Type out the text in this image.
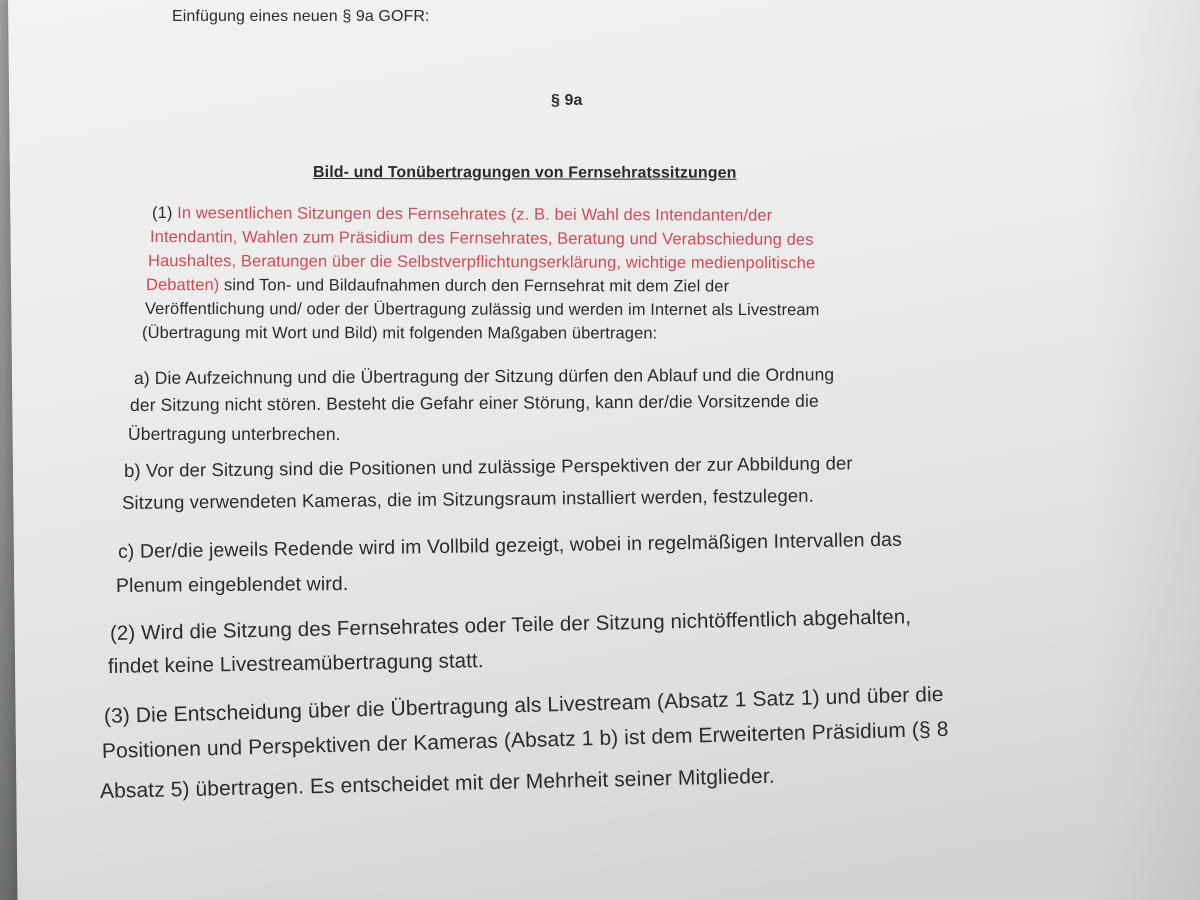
Einfügung eines neuen § 9a GOFR:
§ 9a
Bild- und Tonübertragungen von Fernsehratssitzungen
(1) In wesentlichen Sitzungen des Fernsehrates (z. B. bei Wahl des Intendanten/der
Intendantin, Wahlen zum Präsidium des Fernsehrates, Beratung und Verabschiedung des
Haushaltes, Beratungen über die Selbstverpflichtungserklärung, wichtige medienpolitische
Debatten) sind Ton- und Bildaufnahmen durch den Fernsehrat mit dem Ziel der
Veröffentlichung und/ oder der Übertragung zulässig und werden im Internet als Livestream
(Übertragung mit Wort und Bild) mit folgenden Maßgaben übertragen:
a) Die Aufzeichnung und die Übertragung der Sitzung dürfen den Ablauf und die Ordnung
der Sitzung nicht stören. Besteht die Gefahr einer Störung, kann der/die Vorsitzende die
Übertragung unterbrechen.
b) Vor der Sitzung sind die Positionen und zulässige Perspektiven der zur Abbildung der
Sitzung verwendeten Kameras, die im Sitzungsraum installiert werden, festzulegen.
c) Der/die jeweils Redende wird im Vollbild gezeigt, wobei in regelmäßigen Intervallen das
Plenum eingeblendet wird.
(2) Wird die Sitzung des Fernsehrates oder Teile der Sitzung nichtöffentlich abgehalten,
findet keine Livestreamübertragung statt.
(3) Die Entscheidung über die Übertragung als Livestream (Absatz 1 Satz 1) und über die
Positionen und Perspektiven der Kameras (Absatz 1 b) ist dem Erweiterten Präsidium (§ 8
Absatz 5) übertragen. Es entscheidet mit der Mehrheit seiner Mitglieder.
